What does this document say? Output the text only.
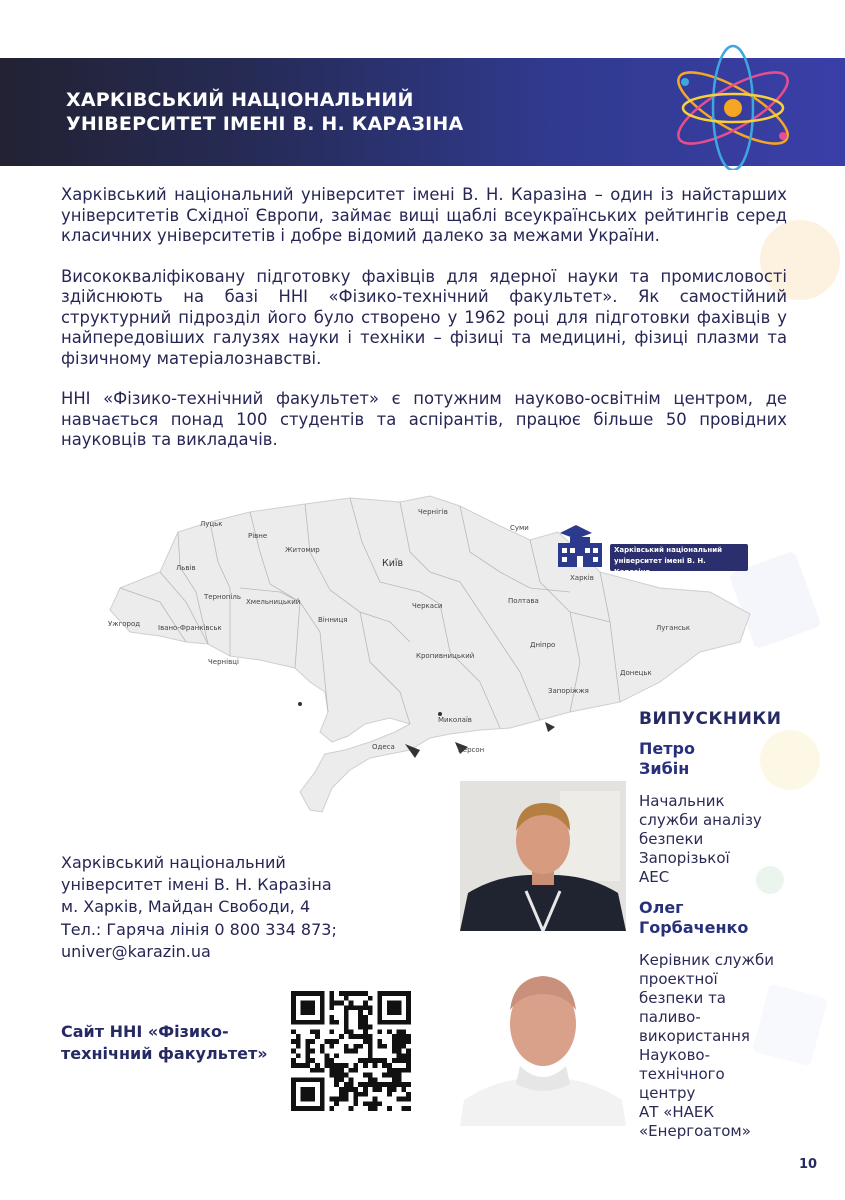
ХАРКІВСЬКИЙ НАЦІОНАЛЬНИЙ
УНІВЕРСИТЕТ ІМЕНІ В. Н. КАРАЗІНА

Харківський національний університет імені В. Н. Каразіна – один із найстарших університетів Східної Європи, займає вищі щаблі всеукраїнських рейтингів серед класичних університетів і добре відомий далеко за межами України.

Висококваліфіковану підготовку фахівців для ядерної науки та промисловості здійснюють на базі ННІ «Фізико-технічний факультет». Як самостійний структурний підрозділ його було створено у 1962 році для підготовки фахівців у найпередовіших галузях науки і техніки – фізиці та медицині, фізиці плазми та фізичному матеріалознавстві.

ННІ «Фізико-технічний факультет» є потужним науково-освітнім центром, де навчається понад 100 студентів та аспірантів, працює більше 50 провідних науковців та викладачів.

Луцьк
Рівне
Львів
Тернопіль
Ужгород	Івано-Франківськ
Чернівці
Хмельницький
Житомир
Вінниця
Київ
Чернігів
Суми
Харків
Полтава
Черкаси
Луганськ
Донецьк
Дніпро
Запоріжжя
Кропивницький
Миколаїв
Одеса	Херсон
Харківський національний
університет імені В. Н. Каразіна
ВИПУСКНИКИ

Петро
Зибін

Начальник
служби аналізу
безпеки
Запорізької
АЕС

Олег
Горбаченко

Керівник служби
проектної
безпеки та
паливо-
використання
Науково-
технічного
центру
АТ «НАЕК
«Енергоатом»

Харківський національний
університет імені В. Н. Каразіна
м. Харків, Майдан Свободи, 4
Тел.: Гаряча лінія 0 800 334 873;
univer@karazin.ua

Сайт ННІ «Фізико-
технічний факультет»

10
